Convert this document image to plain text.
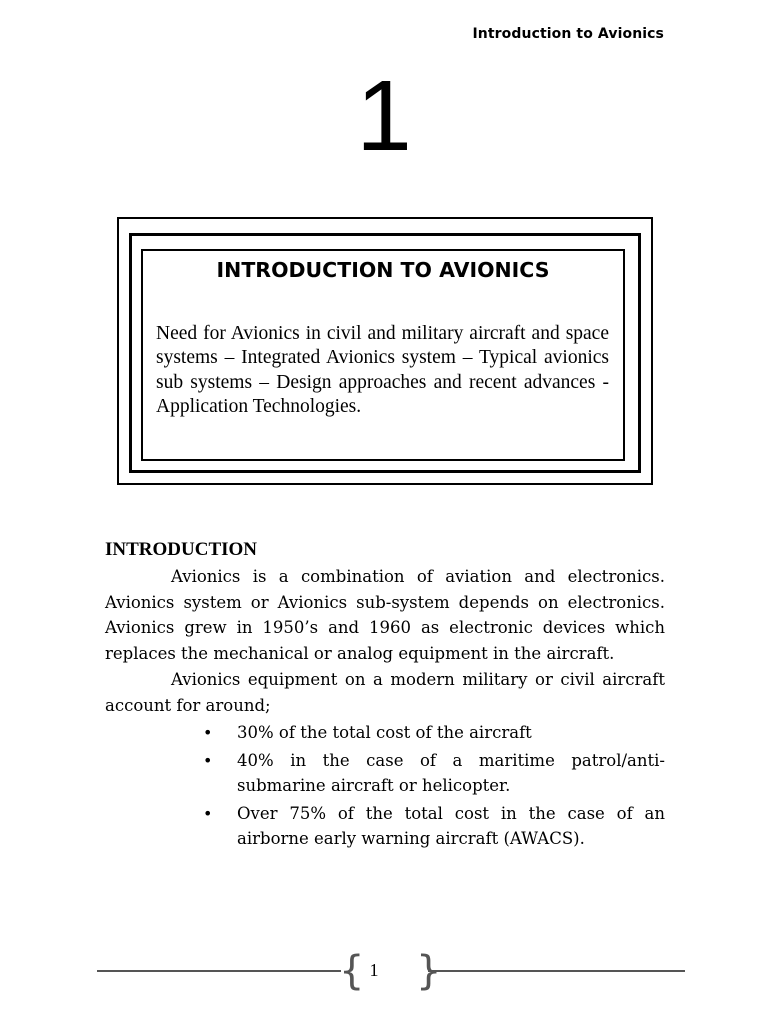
Introduction to Avionics
1
INTRODUCTION TO AVIONICS
Need for Avionics in civil and military aircraft and space systems – Integrated Avionics system – Typical avionics sub systems – Design approaches and recent advances - Application Technologies.
INTRODUCTION

Avionics is a combination of aviation and electronics. Avionics system or Avionics sub-system depends on electronics. Avionics grew in 1950’s and 1960 as electronic devices which replaces the mechanical or analog equipment in the aircraft.

Avionics equipment on a modern military or civil aircraft account for around;

• 30% of the total cost of the aircraft
• 40% in the case of a maritime patrol/anti-submarine aircraft or helicopter.
• Over 75% of the total cost in the case of an airborne early warning aircraft (AWACS).
{ }
1
